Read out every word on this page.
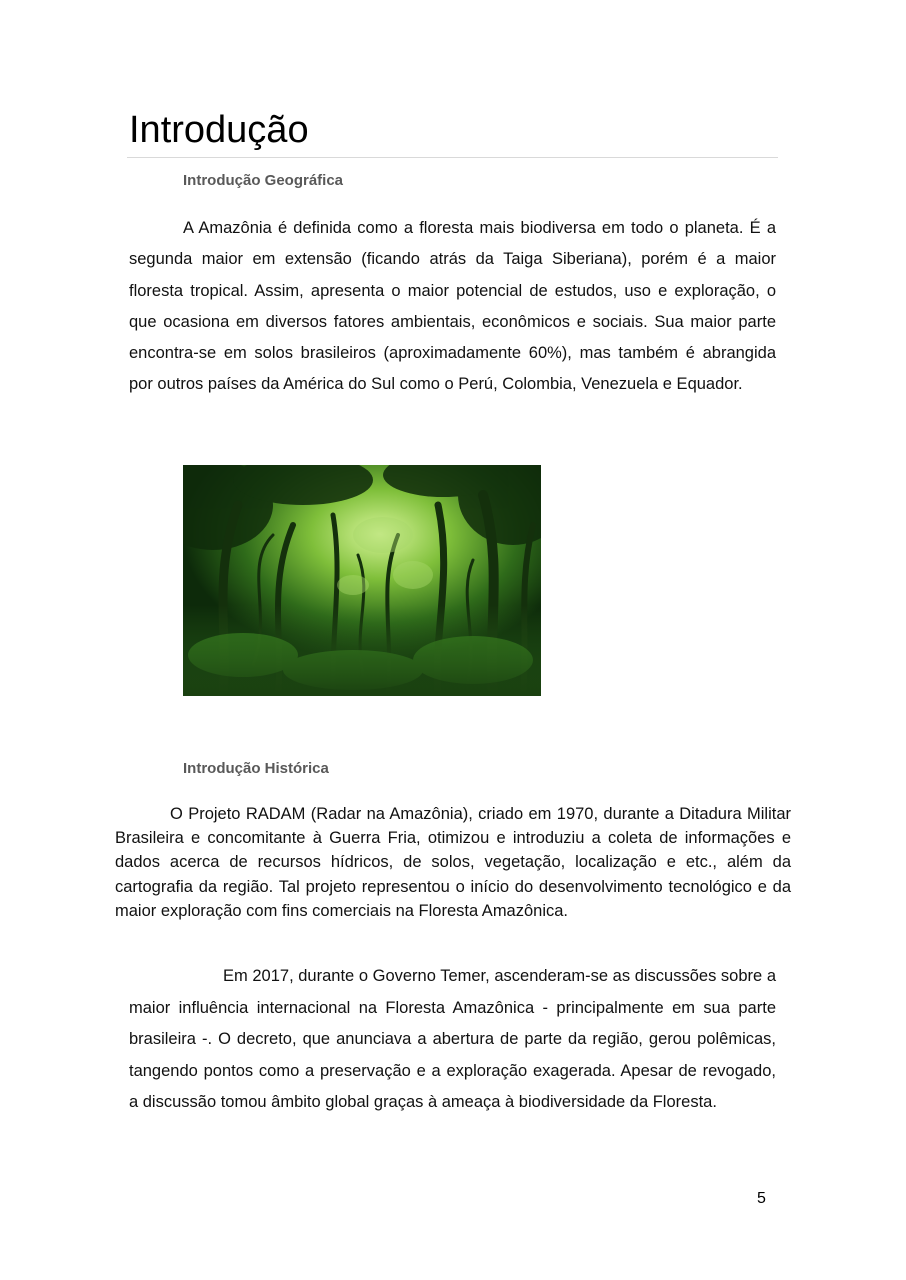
Introdução
Introdução Geográfica

A Amazônia é definida como a floresta mais biodiversa em todo o planeta. É a segunda maior em extensão (ficando atrás da Taiga Siberiana), porém é a maior floresta tropical. Assim, apresenta o maior potencial de estudos, uso e exploração, o que ocasiona em diversos fatores ambientais, econômicos e sociais. Sua maior parte encontra-se em solos brasileiros (aproximadamente 60%), mas também é abrangida por outros países da América do Sul como o Perú, Colombia, Venezuela e Equador.

Introdução Histórica

O Projeto RADAM (Radar na Amazônia), criado em 1970, durante a Ditadura Militar Brasileira e concomitante à Guerra Fria, otimizou e introduziu a coleta de informações e dados acerca de recursos hídricos, de solos, vegetação, localização e etc., além da cartografia da região. Tal projeto representou o início do desenvolvimento tecnológico e da maior exploração com fins comerciais na Floresta Amazônica.

Em 2017, durante o Governo Temer, ascenderam-se as discussões sobre a maior influência internacional na Floresta Amazônica - principalmente em sua parte brasileira -. O decreto, que anunciava a abertura de parte da região, gerou polêmicas, tangendo pontos como a preservação e a exploração exagerada. Apesar de revogado, a discussão tomou âmbito global graças à ameaça à biodiversidade da Floresta.

5
